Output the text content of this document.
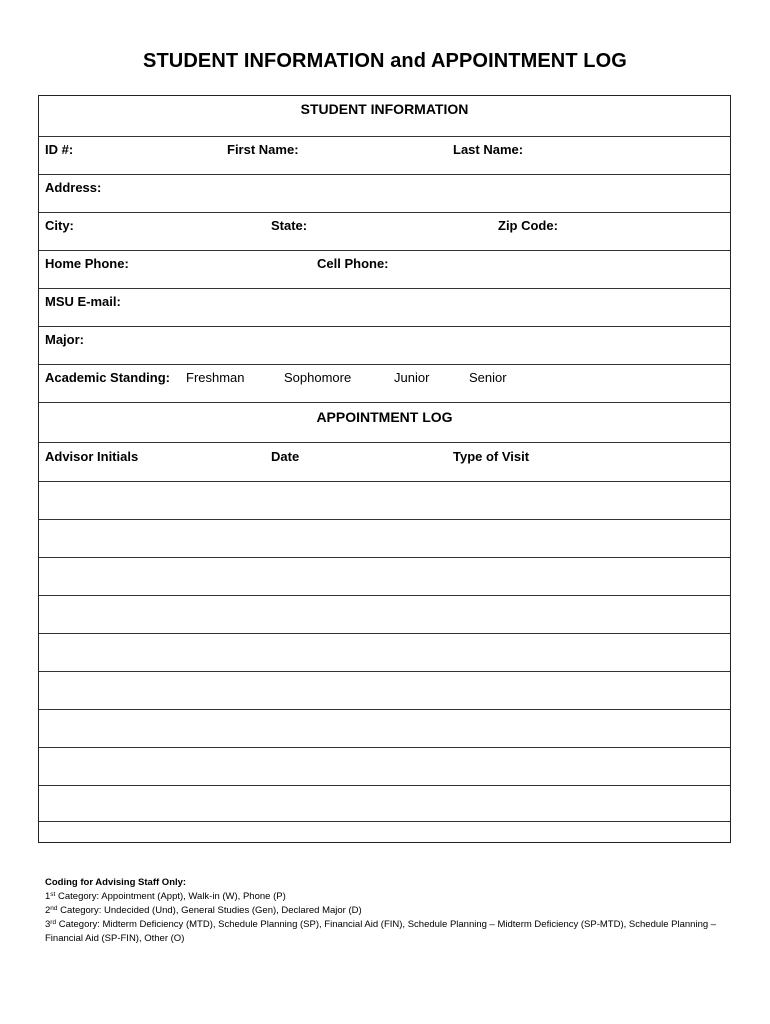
STUDENT INFORMATION and APPOINTMENT LOG
STUDENT INFORMATION
ID #:	First Name:	Last Name:
Address:
City:	State:	Zip Code:
Home Phone:	Cell Phone:
MSU E-mail:
Major:
Academic Standing: Freshman	Sophomore	Junior	Senior
APPOINTMENT LOG
Advisor Initials	Date	Type of Visit
Coding for Advising Staff Only:
1st Category: Appointment (Appt), Walk-in (W), Phone (P)
2nd Category: Undecided (Und), General Studies (Gen), Declared Major (D)
3rd Category: Midterm Deficiency (MTD), Schedule Planning (SP), Financial Aid (FIN), Schedule Planning – Midterm Deficiency (SP-MTD), Schedule Planning – Financial Aid (SP-FIN), Other (O)
